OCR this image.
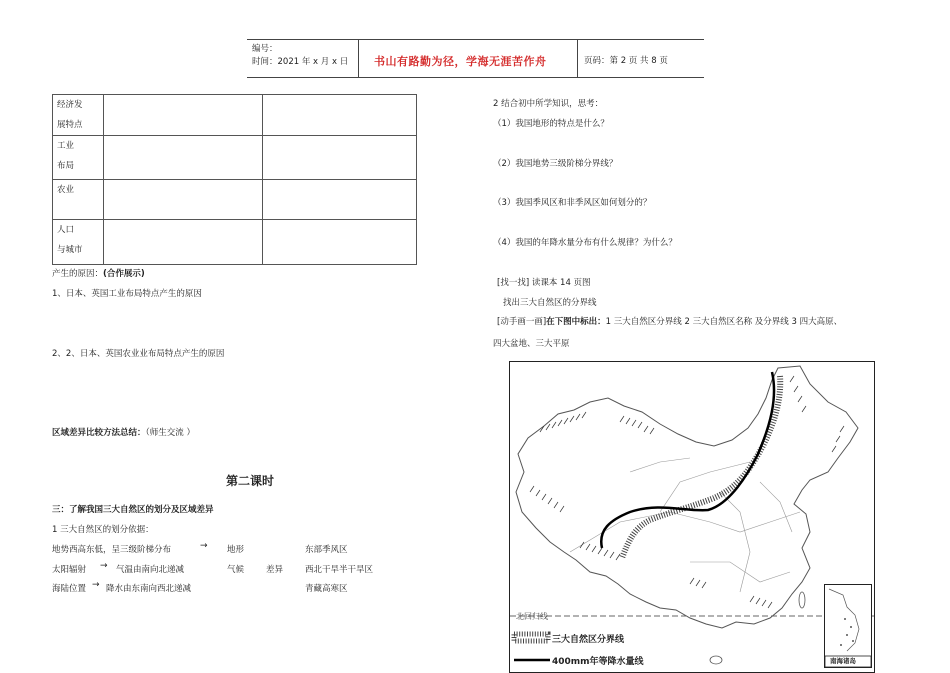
编号：
时间：2021 年 x 月 x 日 书山有路勤为径，学海无涯苦作舟	页码：第 2 页 共 8 页
经济发
展特点		

工业
布局		

农业		

人口
与城市		

产生的原因：(合作展示)
1、日本、英国工业布局特点产生的原因
2、2、日本、英国农业业布局特点产生的原因
区域差异比较方法总结：（师生交流 ）
第二课时
三：了解我国三大自然区的划分及区域差异
1 三大自然区的划分依据：
地势西高东低，呈三级阶梯分布	→ 地形	东部季风区
太阳辐射 → 气温由南向北递减	气候	差异	西北干旱半干旱区
海陆位置 → 降水由东南向西北递减	青藏高寒区
2 结合初中所学知识，思考：
（1）我国地形的特点是什么？
（2）我国地势三级阶梯分界线？
（3）我国季风区和非季风区如何划分的？
（4）我国的年降水量分布有什么规律？为什么？
[找一找] 读课本 14 页图
找出三大自然区的分界线
[动手画一画]在下图中标出：1 三大自然区分界线 2 三大自然区名称 及分界线 3 四大高原、
四大盆地、三大平原
北回归线
三大自然区分界线
400mm年等降水量线	南海诸岛
